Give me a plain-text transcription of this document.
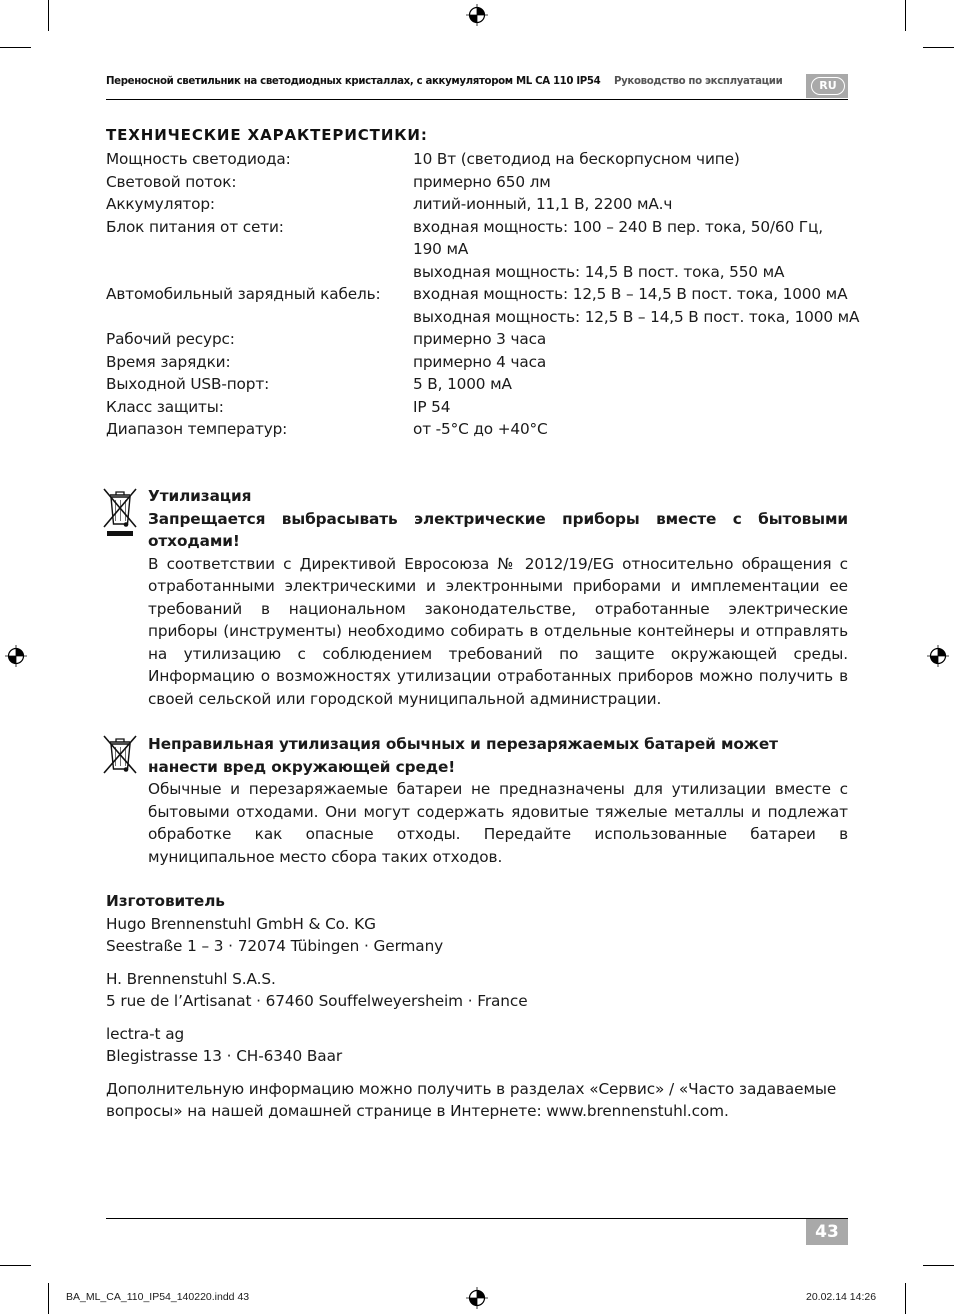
Переносной светильник на светодиодных кристаллах, с аккумулятором ML CA 110 IP54 Руководство по эксплуатации	RU
ТЕХНИЧЕСКИЕ ХАРАКТЕРИСТИКИ:
Мощность светодиода:	10 Вт (светодиод на бескорпусном чипе)
Световой поток:	примерно 650 лм
Аккумулятор:	литий-ионный, 11,1 В, 2200 мА.ч
Блок питания от сети:	входная мощность: 100 – 240 В пер. тока, 50/60 Гц,
190 мА
выходная мощность: 14,5 В пост. тока, 550 мА
Автомобильный зарядный кабель:	входная мощность: 12,5 В – 14,5 В пост. тока, 1000 мА
выходная мощность: 12,5 В – 14,5 В пост. тока, 1000 мА
Рабочий ресурс:	примерно 3 часа
Время зарядки:	примерно 4 часа
Выходной USB-порт:	5 В, 1000 мА
Класс защиты:	IP 54
Диапазон температур:	от -5°C до +40°C
Утилизация
Запрещается выбрасывать электрические приборы вместе с бытовыми
отходами!
В соответствии с Директивой Евросоюза № 2012/19/EG относительно обращения с отработанными электрическими и электронными приборами и имплементации ее требований в национальном законодательстве, отработанные электрические приборы (инструменты) необходимо собирать в отдельные контейнеры и отправлять на утилизацию с соблюдением требований по защите окружающей среды. Информацию о возможностях утилизации отработанных приборов можно получить в своей сельской или городской муниципальной администрации.
Неправильная утилизация обычных и перезаряжаемых батарей может нанести вред окружающей среде!
Обычные и перезаряжаемые батареи не предназначены для утилизации вместе с бытовыми отходами. Они могут содержать ядовитые тяжелые металлы и подлежат обработке как опасные отходы. Передайте использованные батареи в муниципальное место сбора таких отходов.
Изготовитель
Hugo Brennenstuhl GmbH & Co. KG
Seestraße 1 – 3 · 72074 Tübingen · Germany
H. Brennenstuhl S.A.S.
5 rue de l’Artisanat · 67460 Souffelweyersheim · France
lectra-t ag
Blegistrasse 13 · CH-6340 Baar
Дополнительную информацию можно получить в разделах «Сервис» / «Часто задаваемые
вопросы» на нашей домашней странице в Интернете: www.brennenstuhl.com.
43
BA_ML_CA_110_IP54_140220.indd 43	20.02.14 14:26
